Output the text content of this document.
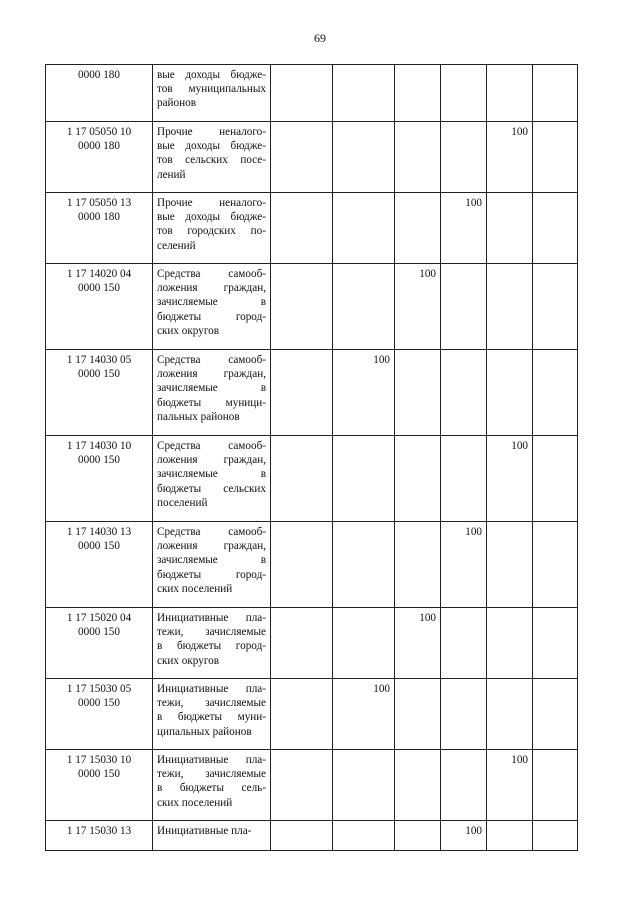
69
0000 180	вые доходы бюдже-
тов муниципальных
районов						

1 17 05050 10
0000 180	Прочие неналого-
вые доходы бюдже-
тов сельских посе-
лений					100	

1 17 05050 13
0000 180	Прочие неналого-
вые доходы бюдже-
тов городских по-
селений				100		

1 17 14020 04
0000 150	Средства самооб-
ложения граждан,
зачисляемые в
бюджеты город-
ских округов			100			

1 17 14030 05
0000 150	Средства самооб-
ложения граждан,
зачисляемые в
бюджеты муници-
пальных районов		100				

1 17 14030 10
0000 150	Средства самооб-
ложения граждан,
зачисляемые в
бюджеты сельских
поселений					100	

1 17 14030 13
0000 150	Средства самооб-
ложения граждан,
зачисляемые в
бюджеты город-
ских поселений				100		

1 17 15020 04
0000 150	Инициативные пла-
тежи, зачисляемые
в бюджеты город-
ских округов			100			

1 17 15030 05
0000 150	Инициативные пла-
тежи, зачисляемые
в бюджеты муни-
ципальных районов		100				

1 17 15030 10
0000 150	Инициативные пла-
тежи, зачисляемые
в бюджеты сель-
ских поселений					100	

1 17 15030 13	Инициативные пла-				100		
